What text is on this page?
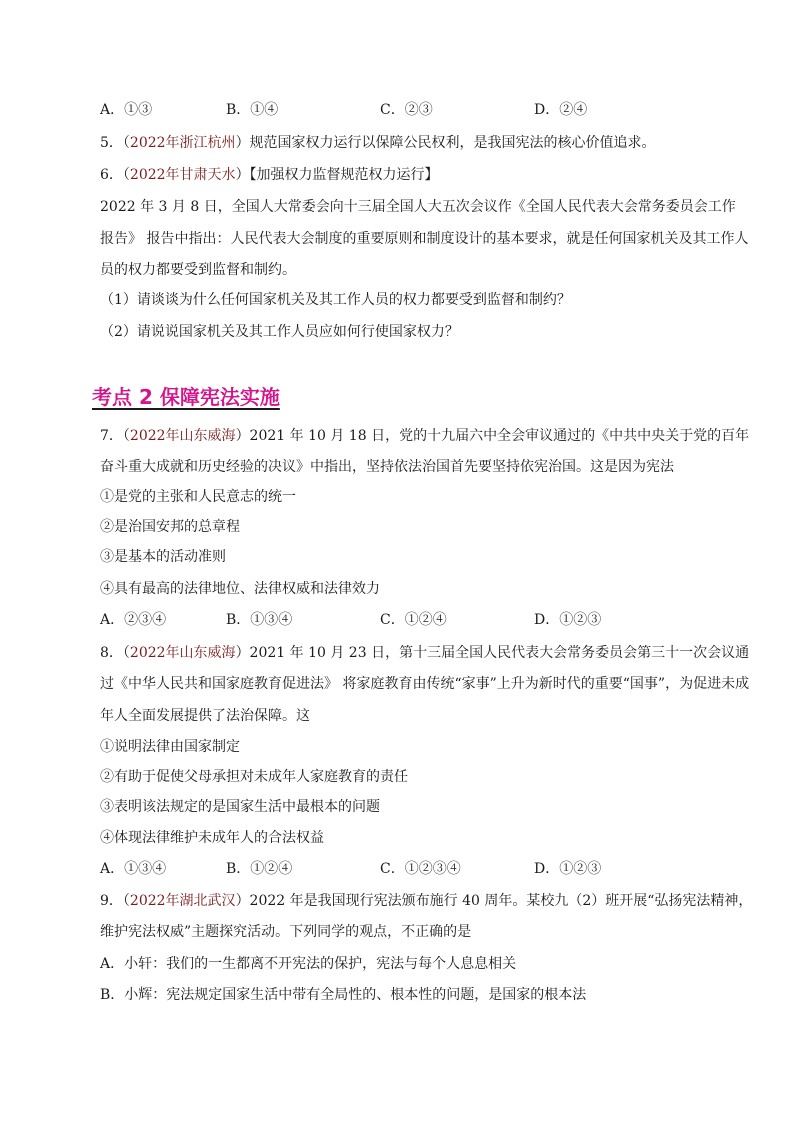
A．①③	B．①④	C．②③	D．②④
5．（2022年浙江杭州）规范国家权力运行以保障公民权利，是我国宪法的核心价值追求。
6．（2022年甘肃天水）【加强权力监督规范权力运行】
2022 年 3 月 8 日，全国人大常委会向十三届全国人大五次会议作《全国人民代表大会常务委员会工作
报告》 报告中指出：人民代表大会制度的重要原则和制度设计的基本要求，就是任何国家机关及其工作人
员的权力都要受到监督和制约。
（1）请谈谈为什么任何国家机关及其工作人员的权力都要受到监督和制约？
（2）请说说国家机关及其工作人员应如何行使国家权力？
考点 2 保障宪法实施
7．（2022年山东威海）2021 年 10 月 18 日，党的十九届六中全会审议通过的《中共中央关于党的百年
奋斗重大成就和历史经验的决议》中指出，坚持依法治国首先要坚持依宪治国。这是因为宪法
①是党的主张和人民意志的统一
②是治国安邦的总章程
③是基本的活动准则
④具有最高的法律地位、法律权威和法律效力
A．②③④	B．①③④	C．①②④	D．①②③
8．（2022年山东威海）2021 年 10 月 23 日，第十三届全国人民代表大会常务委员会第三十一次会议通
过《中华人民共和国家庭教育促进法》 将家庭教育由传统“家事”上升为新时代的重要“国事”，为促进未成
年人全面发展提供了法治保障。这
①说明法律由国家制定
②有助于促使父母承担对未成年人家庭教育的责任
③表明该法规定的是国家生活中最根本的问题
④体现法律维护未成年人的合法权益
A．①③④	B．①②④	C．①②③④	D．①②③
9．（2022年湖北武汉）2022 年是我国现行宪法颁布施行 40 周年。某校九（2）班开展“弘扬宪法精神，
维护宪法权威”主题探究活动。下列同学的观点，不正确的是
A．小轩：我们的一生都离不开宪法的保护，宪法与每个人息息相关
B．小辉：宪法规定国家生活中带有全局性的、根本性的问题，是国家的根本法
